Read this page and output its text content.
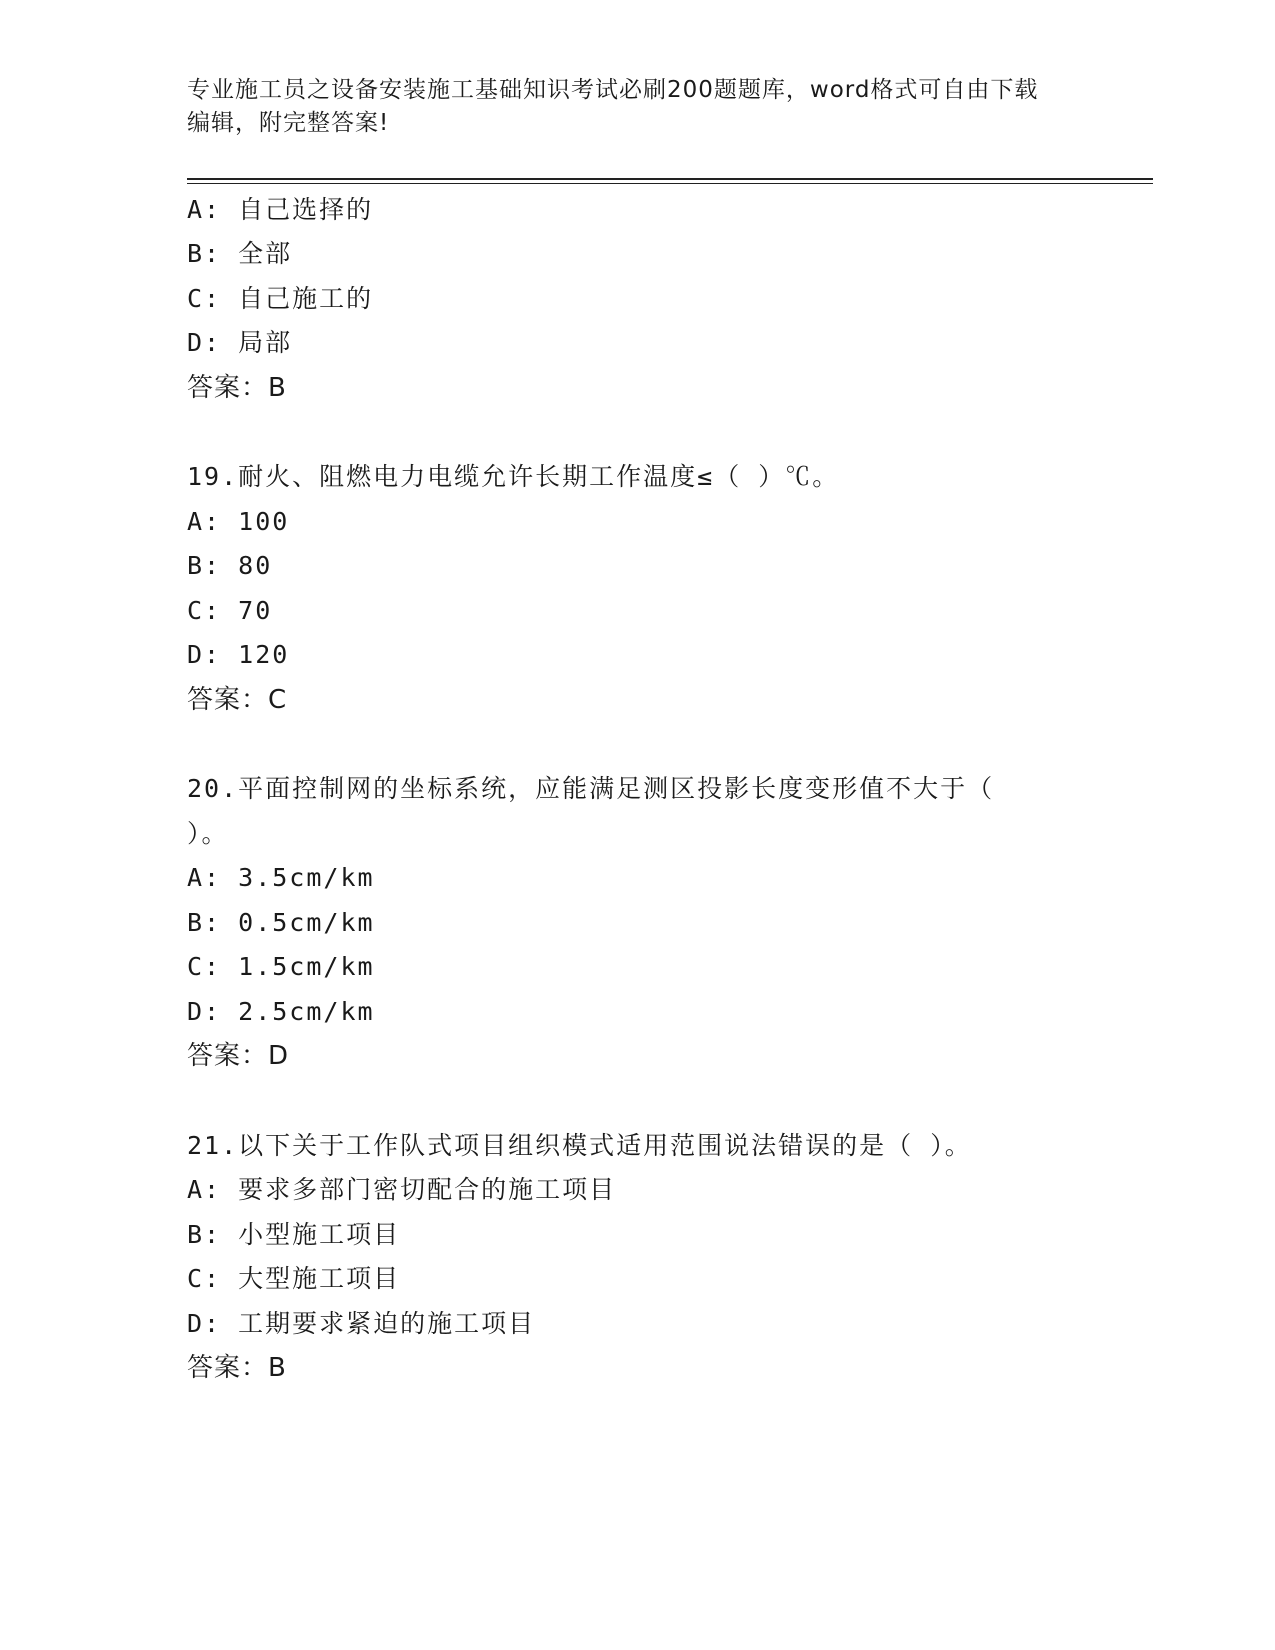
专业施工员之设备安装施工基础知识考试必刷200题题库，word格式可自由下载
编辑，附完整答案!
A: 自己选择的
B: 全部
C: 自己施工的
D: 局部
答案：B
19.耐火、阻燃电力电缆允许长期工作温度≤（ ）℃。
A: 100
B: 80
C: 70
D: 120
答案：C
20.平面控制网的坐标系统，应能满足测区投影长度变形值不大于（
）。
A: 3.5cm/km
B: 0.5cm/km
C: 1.5cm/km
D: 2.5cm/km
答案：D
21.以下关于工作队式项目组织模式适用范围说法错误的是（ ）。
A: 要求多部门密切配合的施工项目
B: 小型施工项目
C: 大型施工项目
D: 工期要求紧迫的施工项目
答案：B
